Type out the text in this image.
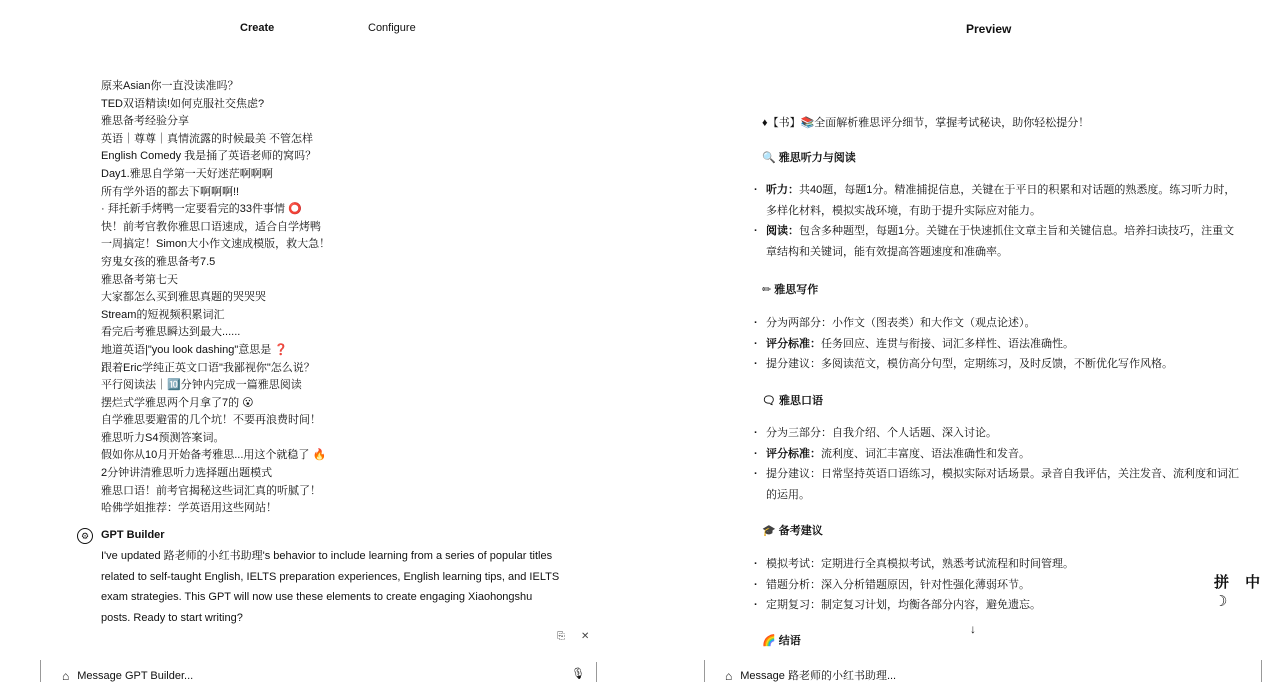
Create	Configure
原来Asian你一直没读准吗？
TED双语精读!如何克服社交焦虑?
雅思备考经验分享
英语｜尊尊｜真情流露的时候最美 不管怎样
English Comedy 我是捅了英语老师的窝吗？
Day1.雅思自学第一天好迷茫啊啊啊
所有学外语的都去下啊啊啊!!
· 拜托新手烤鸭一定要看完的33件事情 ⭕
快！前考官教你雅思口语速成，适合自学烤鸭
一周搞定！Simon大小作文速成模版，救大急！
穷鬼女孩的雅思备考7.5
雅思备考第七天
大家都怎么买到雅思真题的哭哭哭
Stream的短视频积累词汇
看完后考雅思瞬达到最大......
地道英语|"you look dashing"意思是 ❓
跟着Eric学纯正英文口语"我鄙视你"怎么说？
平行阅读法｜🔟分钟内完成一篇雅思阅读
摆烂式学雅思两个月拿了7的 😮
自学雅思要避雷的几个坑！不要再浪费时间！
雅思听力S4预测答案词。
假如你从10月开始备考雅思...用这个就稳了 🔥
2分钟讲清雅思听力选择题出题模式
雅思口语！前考官揭秘这些词汇真的听腻了！
哈佛学姐推荐：学英语用这些网站！
⚙	GPT Builder
I've updated 路老师的小红书助理's behavior to include learning from a series of popular titles related to self-taught English, IELTS preparation experiences, English learning tips, and IELTS exam strategies. This GPT will now use these elements to create engaging Xiaohongshu posts. Ready to start writing?
⎘ ✕
⌂
Message GPT Builder...	🎙
Preview
♦【书】📚全面解析雅思评分细节，掌握考试秘诀，助你轻松提分！
🔍 雅思听力与阅读
· 听力：共40题，每题1分。精准捕捉信息，关键在于平日的积累和对话题的熟悉度。练习听力时，多样化材料，模拟实战环境，有助于提升实际应对能力。
· 阅读：包含多种题型，每题1分。关键在于快速抓住文章主旨和关键信息。培养扫读技巧，注重文章结构和关键词，能有效提高答题速度和准确率。
✏ 雅思写作
· 分为两部分：小作文（图表类）和大作文（观点论述）。
· 评分标准：任务回应、连贯与衔接、词汇多样性、语法准确性。
· 提分建议：多阅读范文，模仿高分句型，定期练习，及时反馈，不断优化写作风格。
🗨 雅思口语
· 分为三部分：自我介绍、个人话题、深入讨论。
· 评分标准：流利度、词汇丰富度、语法准确性和发音。
· 提分建议：日常坚持英语口语练习，模拟实际对话场景。录音自我评估，关注发音、流利度和词汇的运用。
🎓 备考建议
· 模拟考试：定期进行全真模拟考试，熟悉考试流程和时间管理。
· 错题分析：深入分析错题原因，针对性强化薄弱环节。
· 定期复习：制定复习计划，均衡各部分内容，避免遗忘。
🌈 结语
↓
拼 中 ☽
⌂
Message 路老师的小红书助理...
